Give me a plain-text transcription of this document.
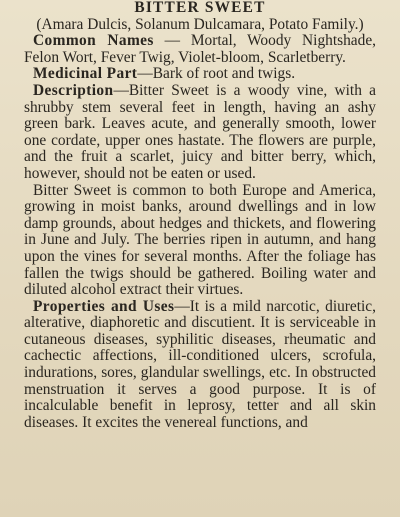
BITTER SWEET

(Amara Dulcis, Solanum Dulcamara, Potato Family.)

Common Names — Mortal, Woody Nightshade, Felon Wort, Fever Twig, Violet-bloom, Scarletberry.

Medicinal Part—Bark of root and twigs.

Description—Bitter Sweet is a woody vine, with a shrubby stem several feet in length, having an ashy green bark. Leaves acute, and generally smooth, lower one cordate, upper ones hastate. The flowers are purple, and the fruit a scarlet, juicy and bitter berry, which, however, should not be eaten or used.

Bitter Sweet is common to both Europe and America, growing in moist banks, around dwellings and in low damp grounds, about hedges and thickets, and flowering in June and July. The berries ripen in autumn, and hang upon the vines for several months. After the foliage has fallen the twigs should be gathered. Boiling water and diluted alcohol extract their virtues.

Properties and Uses—It is a mild narcotic, diuretic, alterative, diaphoretic and discutient. It is serviceable in cutaneous diseases, syphilitic diseases, rheumatic and cachectic affections, ill-conditioned ulcers, scrofula, indurations, sores, glandular swellings, etc. In obstructed menstruation it serves a good purpose. It is of incalculable benefit in leprosy, tetter and all skin diseases. It excites the venereal functions, and
